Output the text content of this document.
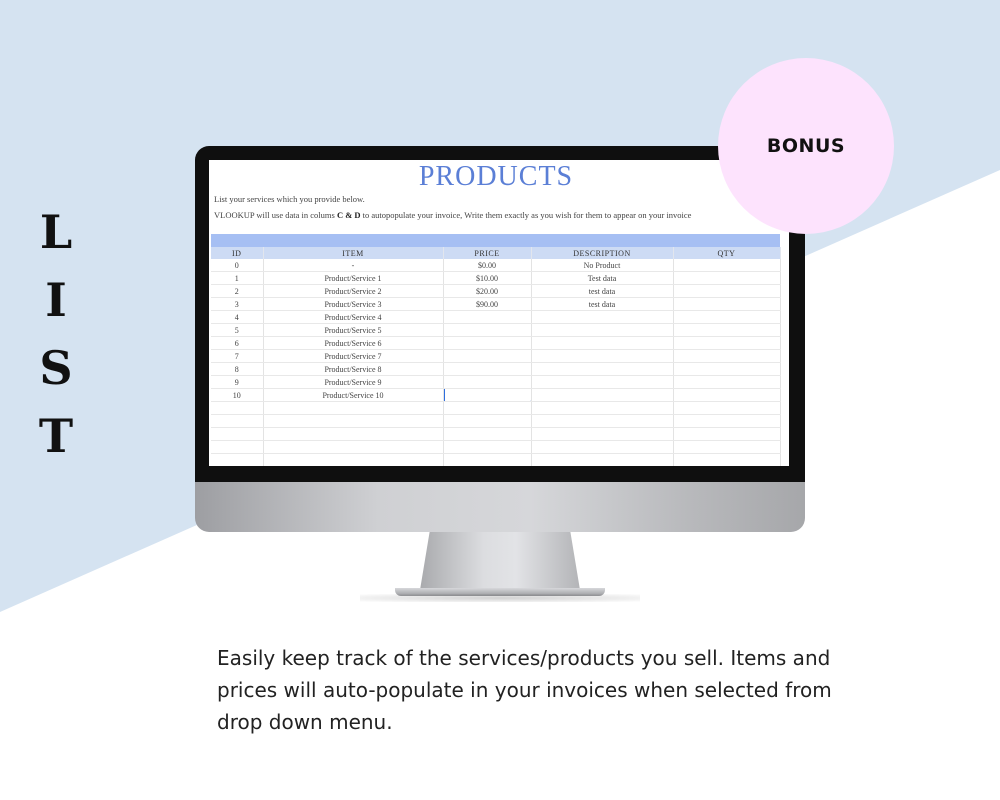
L
I
S
T
PRODUCTS
List your services which you provide below.
VLOOKUP will use data in colums C & D to autopopulate your invoice, Write them exactly as you wish for them to appear on your invoice
ID	ITEM	PRICE	DESCRIPTION	QTY
0	-	$0.00	No Product	
1	Product/Service 1	$10.00	Test data	
2	Product/Service 2	$20.00	test data	
3	Product/Service 3	$90.00	test data	
4	Product/Service 4			
5	Product/Service 5			
6	Product/Service 6			
7	Product/Service 7			
8	Product/Service 8			
9	Product/Service 9			
10	Product/Service 10	

BONUS
Easily keep track of the services/products you sell. Items and prices will auto-populate in your invoices when selected from drop down menu.
